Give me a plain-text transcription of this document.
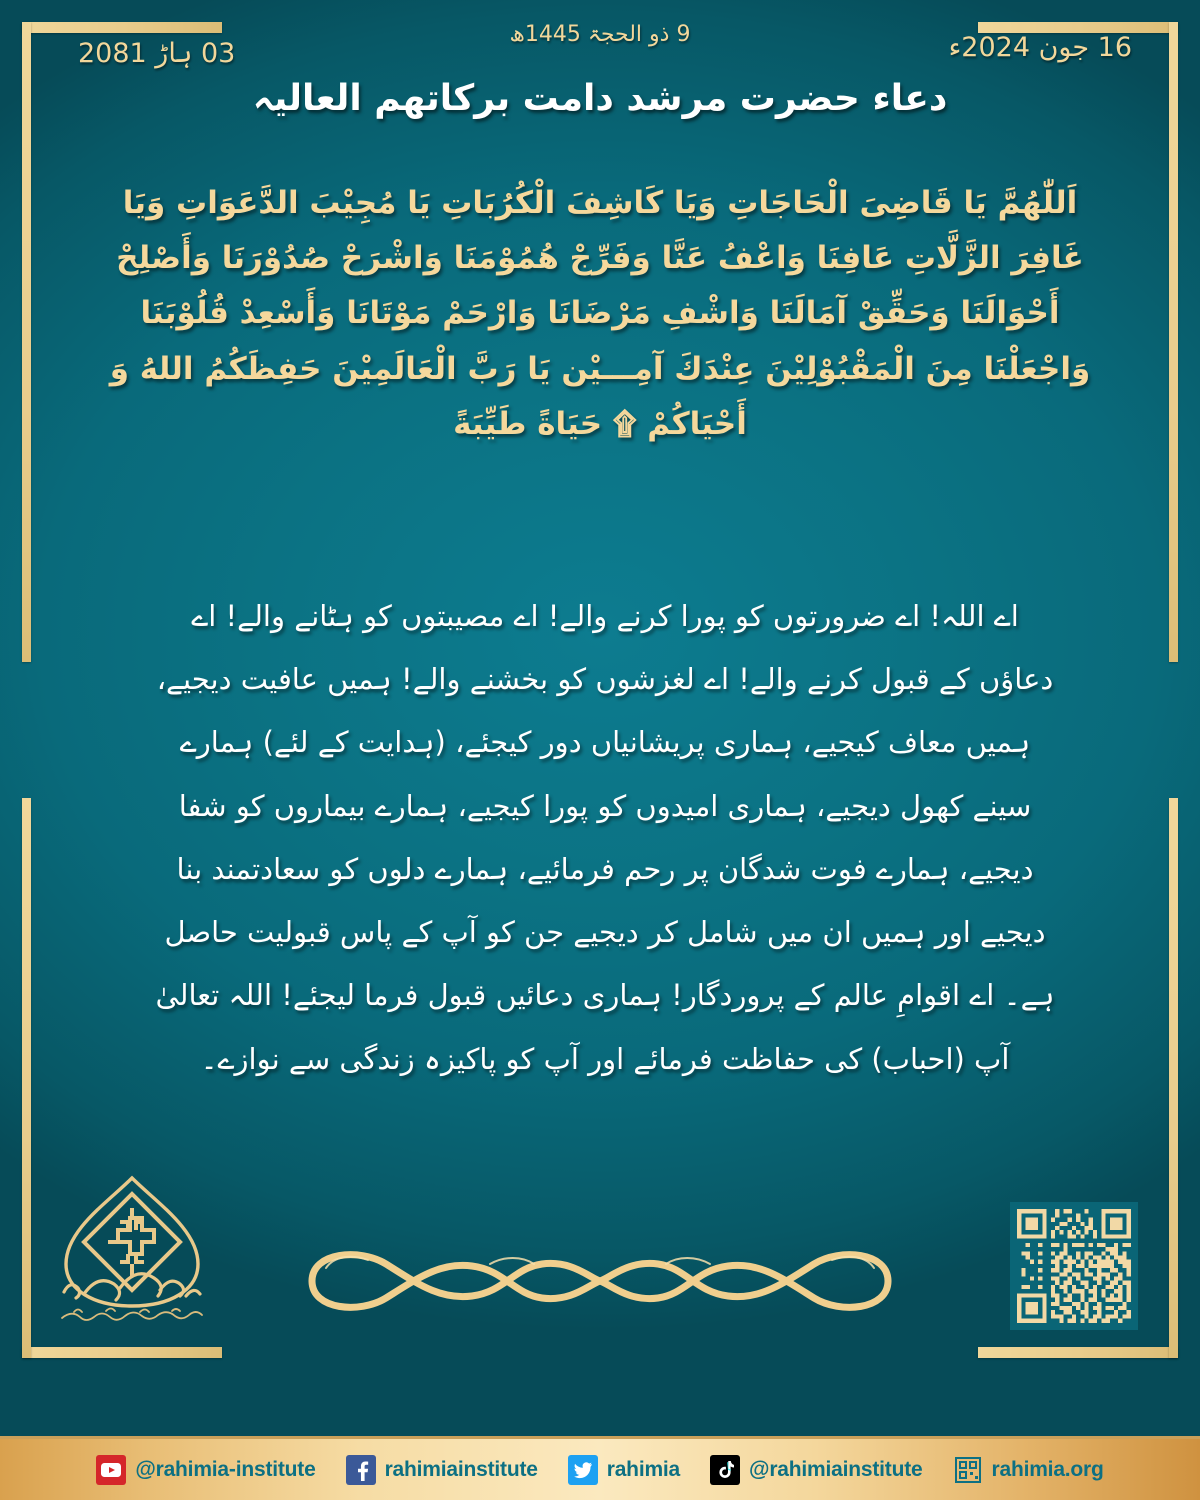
03 ہاڑ 2081
9 ذو الحجۃ 1445ھ	16 جون 2024ء
دعاء حضرت مرشد دامت برکاتهم العالیہ
اَللّٰهُمَّ يَا قَاضِىَ الْحَاجَاتِ وَيَا كَاشِفَ الْكُرُبَاتِ يَا مُجِيْبَ الدَّعَوَاتِ وَيَا غَافِرَ الزَّلَّاتِ عَافِنَا وَاعْفُ عَنَّا وَفَرِّجْ هُمُوْمَنَا وَاشْرَحْ صُدُوْرَنَا وَأَصْلِحْ أَحْوَالَنَا وَحَقِّقْ آمَالَنَا وَاشْفِ مَرْضَانَا وَارْحَمْ مَوْتَانَا وَأَسْعِدْ قُلُوْبَنَا وَاجْعَلْنَا مِنَ الْمَقْبُوْلِيْنَ عِنْدَكَ آمِـــيْن يَا رَبَّ الْعَالَمِيْنَ حَفِظَكُمُ اللهُ وَ أَحْيَاكُمْ ۩ حَيَاةً طَيِّبَةً
اے اللہ! اے ضرورتوں کو پورا کرنے والے! اے مصیبتوں کو ہٹانے والے! اے دعاؤں کے قبول کرنے والے! اے لغزشوں کو بخشنے والے! ہمیں عافیت دیجیے، ہمیں معاف کیجیے، ہماری پریشانیاں دور کیجئے، (ہدایت کے لئے) ہمارے سینے کھول دیجیے، ہماری امیدوں کو پورا کیجیے، ہمارے بیماروں کو شفا دیجیے، ہمارے فوت شدگان پر رحم فرمائیے، ہمارے دلوں کو سعادتمند بنا دیجیے اور ہمیں ان میں شامل کر دیجیے جن کو آپ کے پاس قبولیت حاصل ہے۔ اے اقوامِ عالم کے پروردگار! ہماری دعائیں قبول فرما لیجئے! اللہ تعالیٰ آپ (احباب) کی حفاظت فرمائے اور آپ کو پاکیزہ زندگی سے نوازے۔
@rahimia-institute	rahimiainstitute	rahimia	@rahimiainstitute	rahimia.org
